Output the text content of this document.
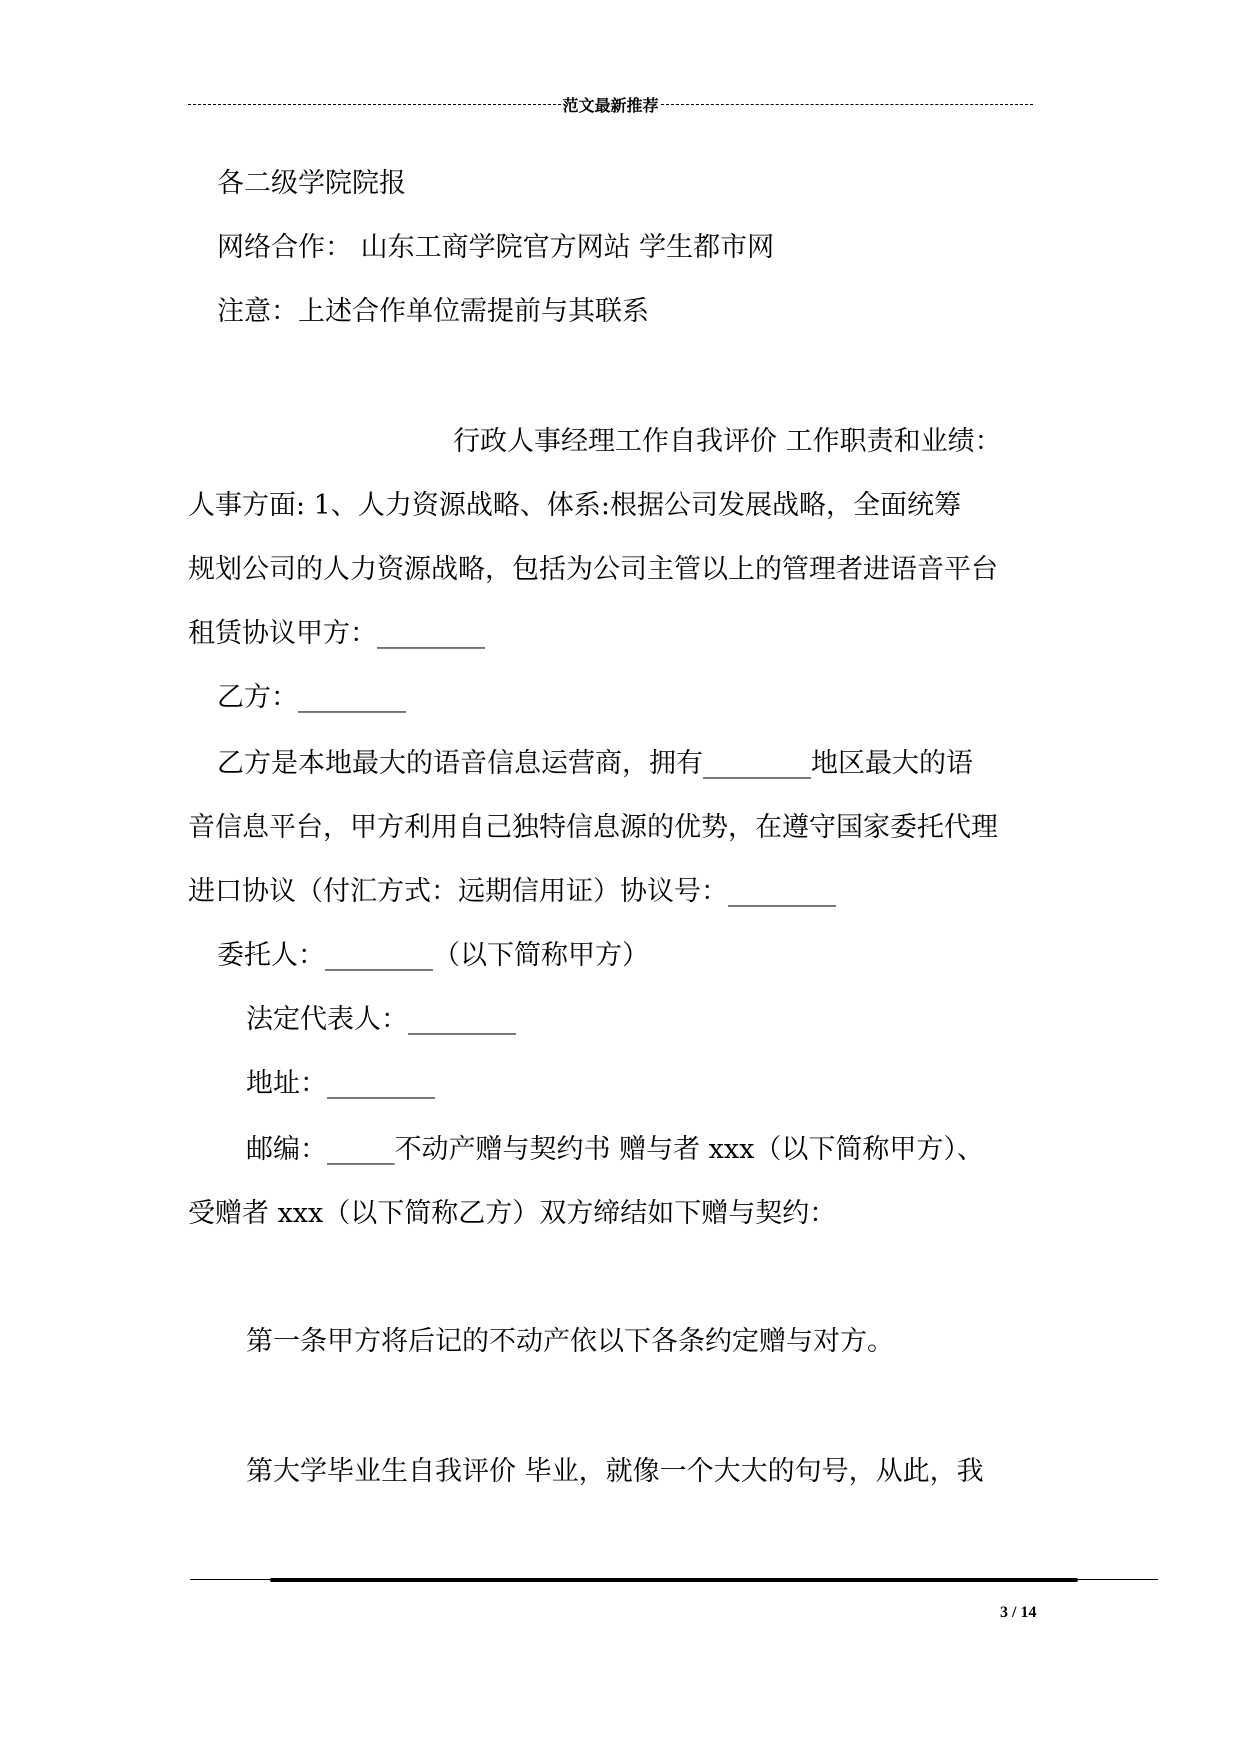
范文最新推荐
各二级学院院报
网络合作： 山东工商学院官方网站 学生都市网
注意：上述合作单位需提前与其联系
行政人事经理工作自我评价 工作职责和业绩：
人事方面: 1、人力资源战略、体系:根据公司发展战略，全面统筹
规划公司的人力资源战略，包括为公司主管以上的管理者进语音平台
租赁协议甲方：________
乙方：________
乙方是本地最大的语音信息运营商，拥有________地区最大的语
音信息平台，甲方利用自己独特信息源的优势，在遵守国家委托代理
进口协议（付汇方式：远期信用证）协议号：________
委托人：________（以下简称甲方）
法定代表人：________
地址：________
邮编：_____不动产赠与契约书 赠与者 xxx（以下简称甲方）、
受赠者 xxx（以下简称乙方）双方缔结如下赠与契约：
第一条甲方将后记的不动产依以下各条约定赠与对方。
第大学毕业生自我评价 毕业，就像一个大大的句号，从此，我
3 / 14
